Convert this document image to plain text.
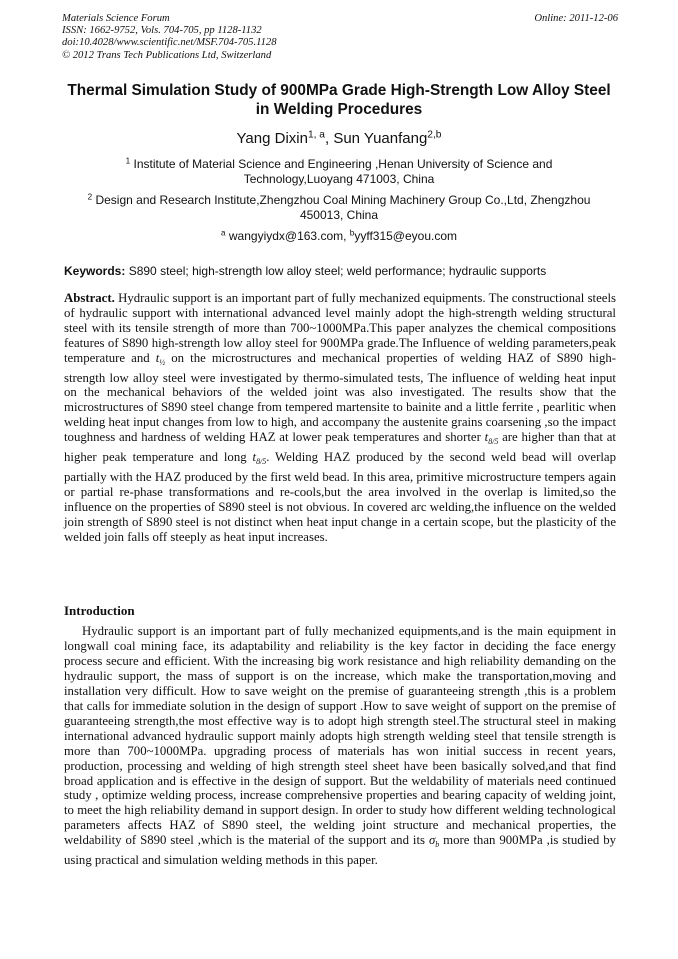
Materials Science Forum
ISSN: 1662-9752, Vols. 704-705, pp 1128-1132
doi:10.4028/www.scientific.net/MSF.704-705.1128
© 2012 Trans Tech Publications Ltd, Switzerland
Online: 2011-12-06
Thermal Simulation Study of 900MPa Grade High-Strength Low Alloy Steel in Welding Procedures
Yang Dixin$^{1, a}$, Sun Yuanfang$^{2,b}$
$^1$ Institute of Material Science and Engineering ,Henan University of Science and Technology,Luoyang 471003, China
$^2$ Design and Research Institute,Zhengzhou Coal Mining Machinery Group Co.,Ltd, Zhengzhou 450013, China
$^a$ wangyiydx@163.com, $^b$yyff315@eyou.com
Keywords: S890 steel; high-strength low alloy steel; weld performance; hydraulic supports
Abstract. Hydraulic support is an important part of fully mechanized equipments. The constructional steels of hydraulic support with international advanced level mainly adopt the high-strength welding structural steel with its tensile strength of more than 700~1000MPa.This paper analyzes the chemical compositions features of S890 high-strength low alloy steel for 900MPa grade.The Influence of welding parameters,peak temperature and $t_{\frac{1}{2}}$ on the microstructures and mechanical properties of welding HAZ of S890 high-strength low alloy steel were investigated by thermo-simulated tests, The influence of welding heat input on the mechanical behaviors of the welded joint was also investigated. The results show that the microstructures of S890 steel change from tempered martensite to bainite and a little ferrite , pearlitic when welding heat input changes from low to high, and accompany the austenite grains coarsening ,so the impact toughness and hardness of welding HAZ at lower peak temperatures and shorter $t_{8/5}$ are higher than that at higher peak temperature and long $t_{8/5}$. Welding HAZ produced by the second weld bead will overlap partially with the HAZ produced by the first weld bead. In this area, primitive microstructure tempers again or partial re-phase transformations and re-cools,but the area involved in the overlap is limited,so the influence on the properties of S890 steel is not obvious. In covered arc welding,the influence on the welded join strength of S890 steel is not distinct when heat input change in a certain scope, but the plasticity of the welded join falls off steeply as heat input increases.
Introduction
Hydraulic support is an important part of fully mechanized equipments,and is the main equipment in longwall coal mining face, its adaptability and reliability is the key factor in deciding the face energy process secure and efficient. With the increasing big work resistance and high reliability demanding on the hydraulic support, the mass of support is on the increase, which make the transportation,moving and installation very difficult. How to save weight on the premise of guaranteeing strength ,this is a problem that calls for immediate solution in the design of support .How to save weight of support on the premise of guaranteeing strength,the most effective way is to adopt high strength steel.The structural steel in making international advanced hydraulic support mainly adopts high strength welding steel that tensile strength is more than 700~1000MPa. upgrading process of materials has won initial success in recent years, production, processing and welding of high strength steel sheet have been basically solved,and that find broad application and is effective in the design of support. But the weldability of materials need continued study , optimize welding process, increase comprehensive properties and bearing capacity of welding joint, to meet the high reliability demand in support design. In order to study how different welding technological parameters affects HAZ of S890 steel, the welding joint structure and mechanical properties, the weldability of S890 steel ,which is the material of the support and its $\sigma_b$ more than 900MPa ,is studied by using practical and simulation welding methods in this paper.
